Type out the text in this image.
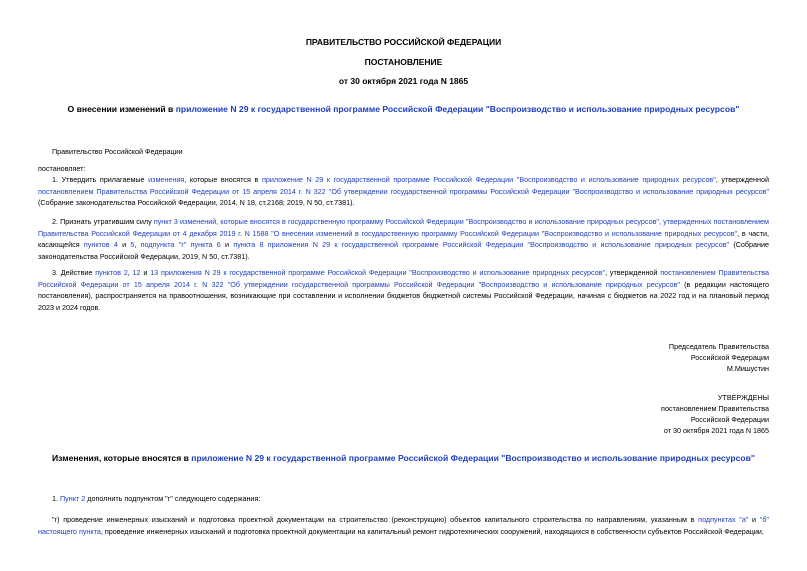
ПРАВИТЕЛЬСТВО РОССИЙСКОЙ ФЕДЕРАЦИИ
ПОСТАНОВЛЕНИЕ
от 30 октября 2021 года N 1865
О внесении изменений в приложение N 29 к государственной программе Российской Федерации "Воспроизводство и использование природных ресурсов"
Правительство Российской Федерации
постановляет:
1. Утвердить прилагаемые изменения, которые вносятся в приложение N 29 к государственной программе Российской Федерации "Воспроизводство и использование природных ресурсов", утвержденной постановлением Правительства Российской Федерации от 15 апреля 2014 г. N 322 "Об утверждении государственной программы Российской Федерации "Воспроизводство и использование природных ресурсов" (Собрание законодательства Российской Федерации, 2014, N 18, ст.2168; 2019, N 50, ст.7381).
2. Признать утратившим силу пункт 3 изменений, которые вносятся в государственную программу Российской Федерации "Воспроизводство и использование природных ресурсов", утвержденных постановлением Правительства Российской Федерации от 4 декабря 2019 г. N 1588 "О внесении изменений в государственную программу Российской Федерации "Воспроизводство и использование природных ресурсов", в части, касающейся пунктов 4 и 5, подпункта "г" пункта 6 и пункта 8 приложения N 29 к государственной программе Российской Федерации "Воспроизводство и использование природных ресурсов" (Собрание законодательства Российской Федерации, 2019, N 50, ст.7381).
3. Действие пунктов 2, 12 и 13 приложения N 29 к государственной программе Российской Федерации "Воспроизводство и использование природных ресурсов", утвержденной постановлением Правительства Российской Федерации от 15 апреля 2014 г. N 322 "Об утверждении государственной программы Российской Федерации "Воспроизводство и использование природных ресурсов" (в редакции настоящего постановления), распространяется на правоотношения, возникающие при составлении и исполнении бюджетов бюджетной системы Российской Федерации, начиная с бюджетов на 2022 год и на плановый период 2023 и 2024 годов.
Председатель Правительства
Российской Федерации
М.Мишустин
УТВЕРЖДЕНЫ
постановлением Правительства
Российской Федерации
от 30 октября 2021 года N 1865
Изменения, которые вносятся в приложение N 29 к государственной программе Российской Федерации "Воспроизводство и использование природных ресурсов"
1. Пункт 2 дополнить подпунктом "г" следующего содержания:
"г) проведение инженерных изысканий и подготовка проектной документации на строительство (реконструкцию) объектов капитального строительства по направлениям, указанным в подпунктах "а" и "б" настоящего пункта, проведение инженерных изысканий и подготовка проектной документации на капитальный ремонт гидротехнических сооружений, находящихся в собственности субъектов Российской Федерации,
